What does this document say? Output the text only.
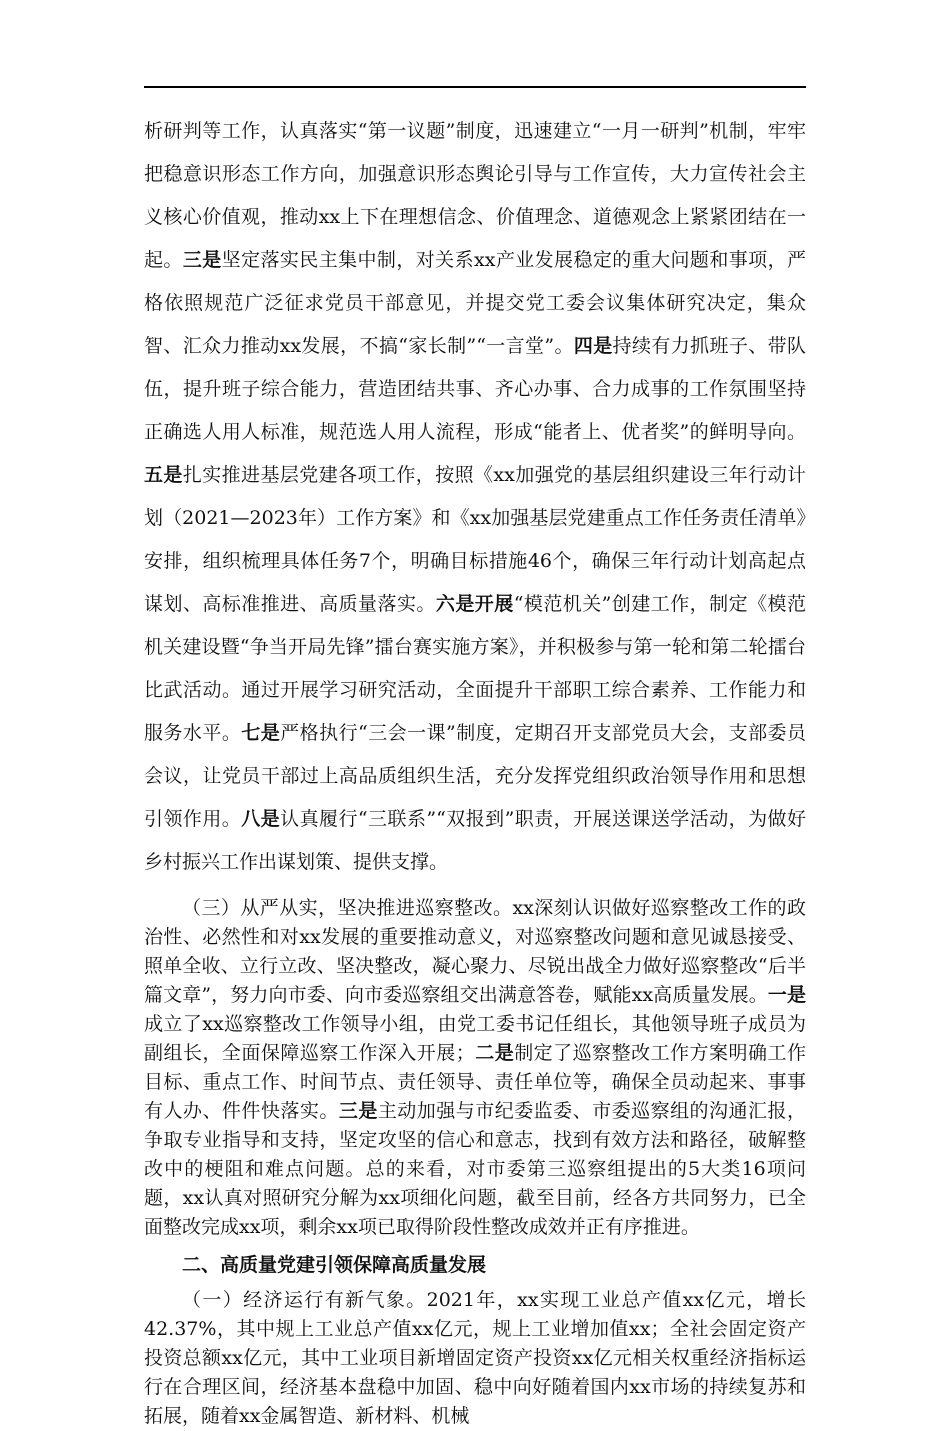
析研判等工作，认真落实“第一议题”制度，迅速建立“一月一研判”机制，牢牢把稳意识形态工作方向，加强意识形态舆论引导与工作宣传，大力宣传社会主义核心价值观，推动xx上下在理想信念、价值理念、道德观念上紧紧团结在一起。三是坚定落实民主集中制，对关系xx产业发展稳定的重大问题和事项，严格依照规范广泛征求党员干部意见，并提交党工委会议集体研究决定，集众智、汇众力推动xx发展，不搞“家长制”“一言堂”。四是持续有力抓班子、带队伍，提升班子综合能力，营造团结共事、齐心办事、合力成事的工作氛围坚持正确选人用人标准，规范选人用人流程，形成“能者上、优者奖”的鲜明导向。五是扎实推进基层党建各项工作，按照《xx加强党的基层组织建设三年行动计划（2021—2023年）工作方案》和《xx加强基层党建重点工作任务责任清单》安排，组织梳理具体任务7个，明确目标措施46个，确保三年行动计划高起点谋划、高标准推进、高质量落实。六是开展“模范机关”创建工作，制定《模范机关建设暨“争当开局先锋”擂台赛实施方案》，并积极参与第一轮和第二轮擂台比武活动。通过开展学习研究活动，全面提升干部职工综合素养、工作能力和服务水平。七是严格执行“三会一课”制度，定期召开支部党员大会，支部委员会议，让党员干部过上高品质组织生活，充分发挥党组织政治领导作用和思想引领作用。八是认真履行“三联系”“双报到”职责，开展送课送学活动，为做好乡村振兴工作出谋划策、提供支撑。

（三）从严从实，坚决推进巡察整改。xx深刻认识做好巡察整改工作的政治性、必然性和对xx发展的重要推动意义，对巡察整改问题和意见诚恳接受、照单全收、立行立改、坚决整改，凝心聚力、尽锐出战全力做好巡察整改“后半篇文章”，努力向市委、向市委巡察组交出满意答卷，赋能xx高质量发展。一是成立了xx巡察整改工作领导小组，由党工委书记任组长，其他领导班子成员为副组长，全面保障巡察工作深入开展；二是制定了巡察整改工作方案明确工作目标、重点工作、时间节点、责任领导、责任单位等，确保全员动起来、事事有人办、件件快落实。三是主动加强与市纪委监委、市委巡察组的沟通汇报，争取专业指导和支持，坚定攻坚的信心和意志，找到有效方法和路径，破解整改中的梗阻和难点问题。总的来看，对市委第三巡察组提出的5大类16项问题，xx认真对照研究分解为xx项细化问题，截至目前，经各方共同努力，已全面整改完成xx项，剩余xx项已取得阶段性整改成效并正有序推进。

二、高质量党建引领保障高质量发展

（一）经济运行有新气象。2021年，xx实现工业总产值xx亿元，增长42.37%，其中规上工业总产值xx亿元，规上工业增加值xx；全社会固定资产投资总额xx亿元，其中工业项目新增固定资产投资xx亿元相关权重经济指标运行在合理区间，经济基本盘稳中加固、稳中向好随着国内xx市场的持续复苏和拓展，随着xx金属智造、新材料、机械
